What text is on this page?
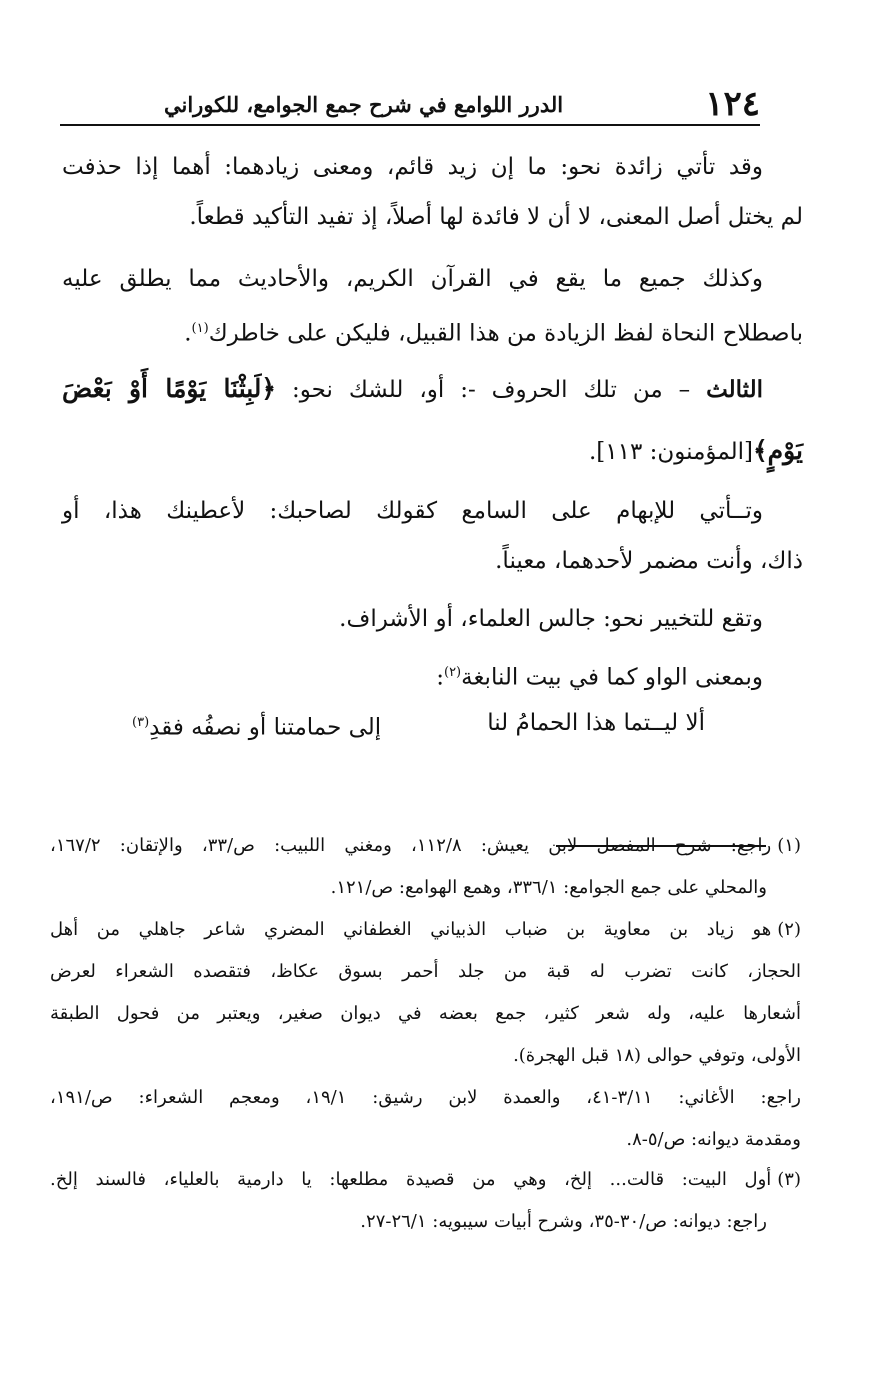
١٢٤
الدرر اللوامع في شرح جمع الجوامع، للكوراني
وقد تأتي زائدة نحو: ما إن زيد قائم، ومعنى زيادهما: أهما إذا حذفت
لم يختل أصل المعنى، لا أن لا فائدة لها أصلاً، إذ تفيد التأكيد قطعاً.
وكذلك جميع ما يقع في القرآن الكريم، والأحاديث مما يطلق عليه
باصطلاح النحاة لفظ الزيادة من هذا القبيل، فليكن على خاطرك$^{(١)}$.
الثالث – من تلك الحروف -: أو، للشك نحو: ﴿لَبِثْنَا يَوْمًا أَوْ بَعْضَ
يَوْمٍ﴾[المؤمنون: ١١٣].
وتــأتي للإبهام على السامع كقولك لصاحبك: لأعطينك هذا، أو
ذاك، وأنت مضمر لأحدهما، معيناً.
وتقع للتخيير نحو: جالس العلماء، أو الأشراف.
وبمعنى الواو كما في بيت النابغة$^{(٢)}$:
ألا ليــتما هذا الحمامُ لنا
إلى حمامتنا أو نصفُه فقدِ$^{(٣)}$
(١)راجع: شرح المفصل لابن يعيش: ١١٢/٨، ومغني اللبيب: ص/٣٣، والإتقان: ١٦٧/٢،
والمحلي على جمع الجوامع: ٣٣٦/١، وهمع الهوامع: ص/١٢١.
(٢)هو زياد بن معاوية بن ضباب الذبياني الغطفاني المضري شاعر جاهلي من أهل
الحجاز، كانت تضرب له قبة من جلد أحمر بسوق عكاظ، فتقصده الشعراء لعرض
أشعارها عليه، وله شعر كثير، جمع بعضه في ديوان صغير، ويعتبر من فحول الطبقة
الأولى، وتوفي حوالى (١٨ قبل الهجرة).
راجع: الأغاني: ٣/١١-٤١، والعمدة لابن رشيق: ١٩/١، ومعجم الشعراء: ص/١٩١،
ومقدمة ديوانه: ص/٥-٨.
(٣)أول البيت: قالت... إلخ، وهي من قصيدة مطلعها: يا دارمية بالعلياء، فالسند إلخ.
راجع: ديوانه: ص/٣٠-٣٥، وشرح أبيات سيبويه: ٢٦/١-٢٧.
